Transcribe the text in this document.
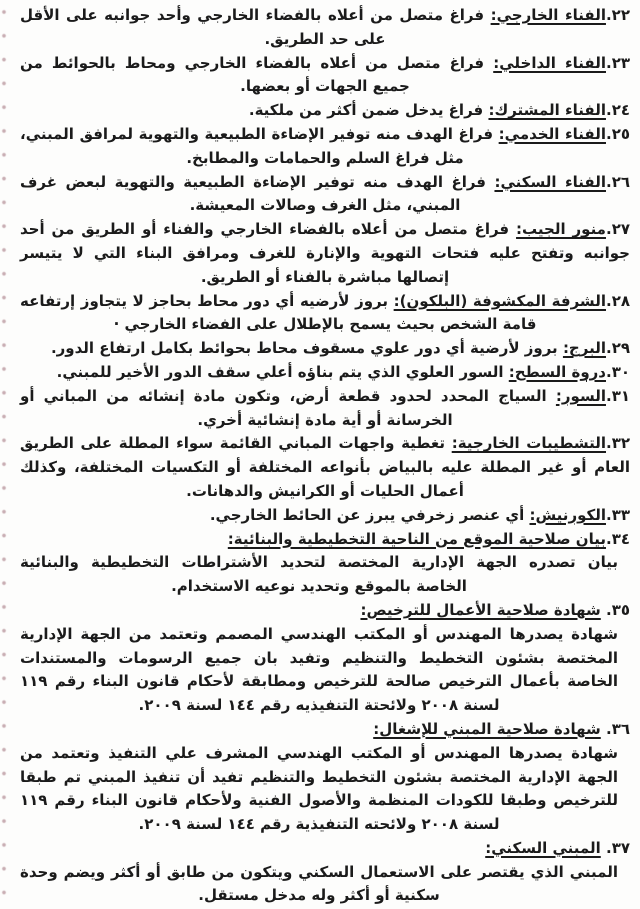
٢٢.الفناء الخارجي: فراغ متصل من أعلاه بالفضاء الخارجي وأحد جوانبه على الأقل على حد الطريق.

٢٣.الفناء الداخلي: فراغ متصل من أعلاه بالفضاء الخارجي ومحاط بالحوائط من جميع الجهات أو بعضها.

٢٤.الفناء المشترك: فراغ يدخل ضمن أكثر من ملكية.

٢٥.الفناء الخدمي: فراغ الهدف منه توفير الإضاءة الطبيعية والتهوية لمرافق المبني، مثل فراغ السلم والحمامات والمطابخ.

٢٦.الفناء السكني: فراغ الهدف منه توفير الإضاءة الطبيعية والتهوية لبعض غرف المبني، مثل الغرف وصالات المعيشة.

٢٧.منور الجيب: فراغ متصل من أعلاه بالفضاء الخارجي والفناء أو الطريق من أحد جوانبه وتفتح عليه فتحات التهوية والإنارة للغرف ومرافق البناء التي لا يتيسر إتصالها مباشرة بالفناء أو الطريق.

٢٨.الشرفة المكشوفة (البلكون): بروز لأرضيه أي دور محاط بحاجز لا يتجاوز إرتفاعه قامة الشخص بحيث يسمح بالإطلال على الفضاء الخارجي ·

٢٩.البرج: بروز لأرضية أي دور علوي مسقوف محاط بحوائط بكامل ارتفاع الدور.

٣٠.دروة السطح: السور العلوي الذي يتم بناؤه أعلي سقف الدور الأخير للمبني.

٣١.السور: السياج المحدد لحدود قطعة أرض، وتكون مادة إنشائه من المباني أو الخرسانة أو أية مادة إنشائية أخري.

٣٢.التشطيبات الخارجية: تغطية واجهات المباني القائمة سواء المطلة على الطريق العام أو غير المطلة عليه بالبياض بأنواعه المختلفة أو التكسيات المختلفة، وكذلك أعمال الحليات أو الكرانيش والدهانات.

٣٣.الكورنيش: أي عنصر زخرفي يبرز عن الحائط الخارجي.

٣٤.بيان صلاحية الموقع من الناحية التخطيطية والبنائية:

بيان تصدره الجهة الإدارية المختصة لتحديد الأشتراطات التخطيطية والبنائية الخاصة بالموقع وتحديد نوعيه الاستخدام.

٣٥. شهادة صلاحية الأعمال للترخيص:

شهادة يصدرها المهندس أو المكتب الهندسي المصمم وتعتمد من الجهة الإدارية المختصة بشئون التخطيط والتنظيم وتفيد بان جميع الرسومات والمستندات الخاصة بأعمال الترخيص صالحة للترخيص ومطابقة لأحكام قانون البناء رقم ١١٩ لسنة ٢٠٠٨ ولائحتة التنفيذيه رقم ١٤٤ لسنة ٢٠٠٩.

٣٦. شهادة صلاحية المبني للإشغال:

شهادة يصدرها المهندس أو المكتب الهندسي المشرف علي التنفيذ وتعتمد من الجهة الإدارية المختصة بشئون التخطيط والتنظيم تفيد أن تنفيذ المبني تم طبقا للترخيص وطبقا للكودات المنظمة والأصول الفنية ولأحكام قانون البناء رقم ١١٩ لسنة ٢٠٠٨ ولائحته التنفيذية رقم ١٤٤ لسنة ٢٠٠٩.

٣٧. المبني السكني:

المبني الذي يقتصر على الاستعمال السكني ويتكون من طابق أو أكثر ويضم وحدة سكنية أو أكثر وله مدخل مستقل.
